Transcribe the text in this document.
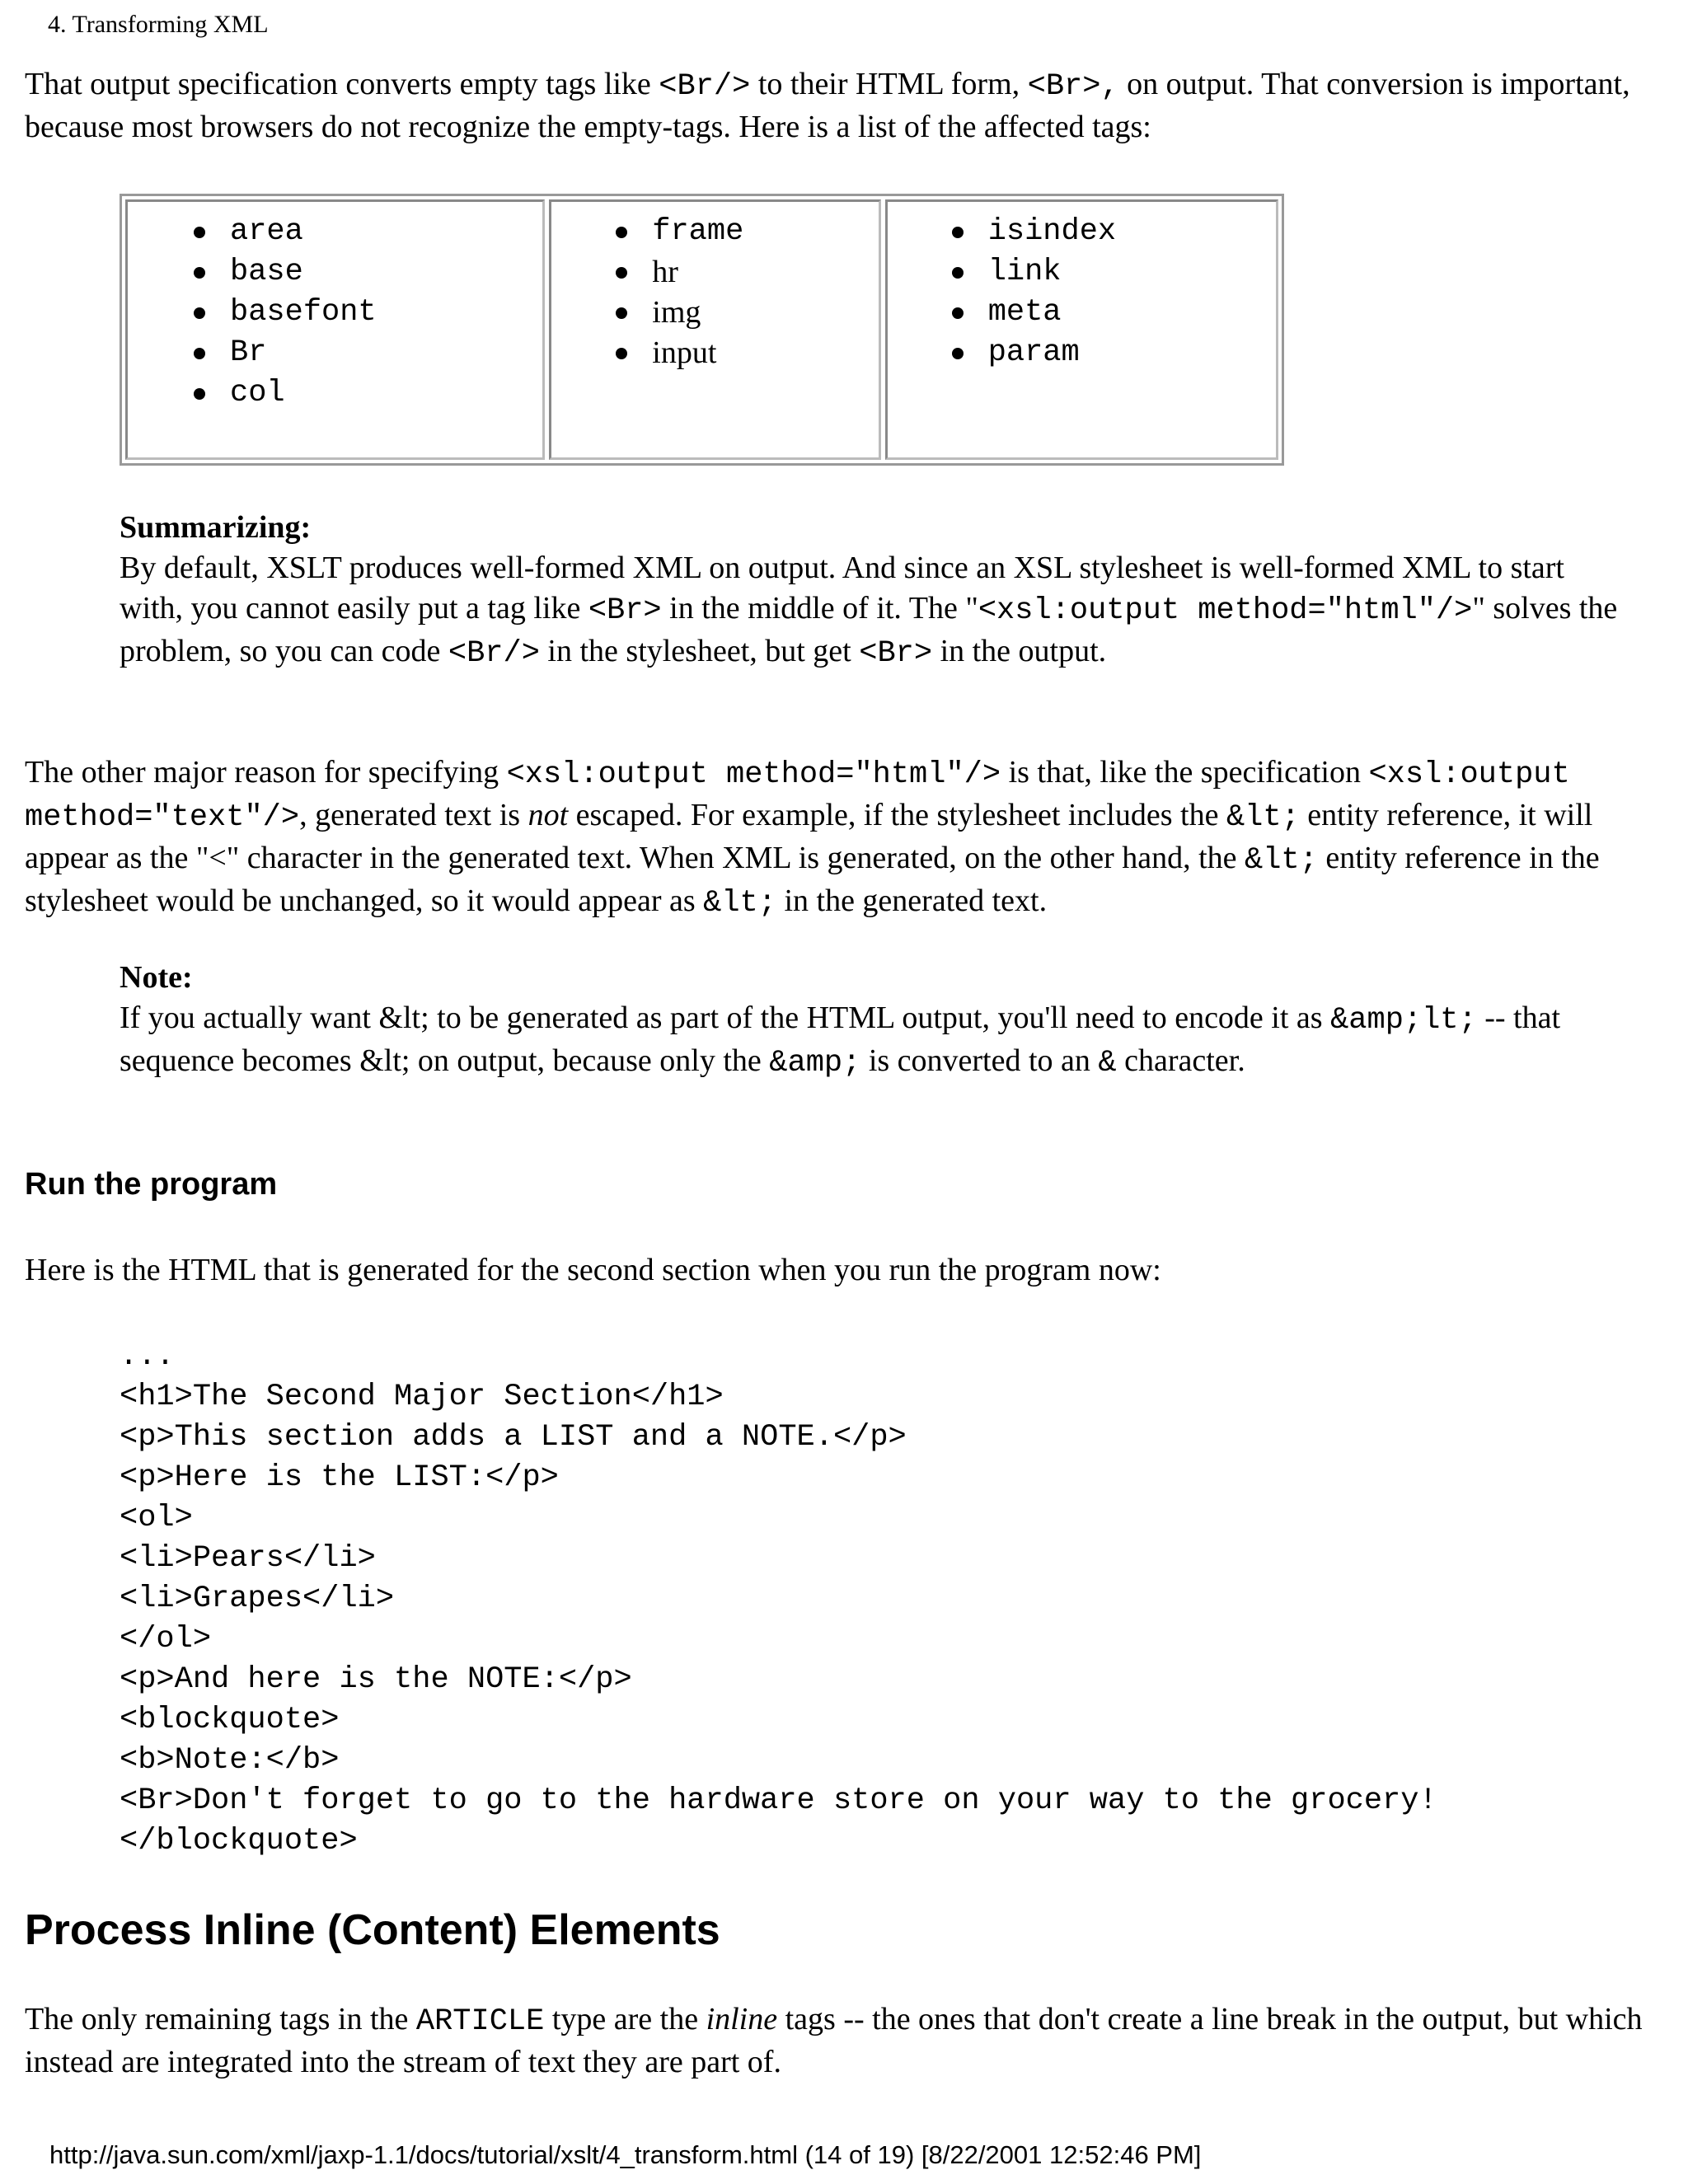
4. Transforming XML

That output specification converts empty tags like <Br/> to their HTML form, <Br>, on output. That conversion is important, because most browsers do not recognize the empty-tags. Here is a list of the affected tags:

area
base
basefont
Br
col
frame
hr
img
input
isindex
link
meta
param

Summarizing:

By default, XSLT produces well-formed XML on output. And since an XSL stylesheet is well-formed XML to start with, you cannot easily put a tag like <Br> in the middle of it. The "<xsl:output method="html"/>" solves the problem, so you can code <Br/> in the stylesheet, but get <Br> in the output.

The other major reason for specifying <xsl:output method="html"/> is that, like the specification <xsl:output method="text"/>, generated text is not escaped. For example, if the stylesheet includes the &lt; entity reference, it will appear as the "<" character in the generated text. When XML is generated, on the other hand, the &lt; entity reference in the stylesheet would be unchanged, so it would appear as &lt; in the generated text.

Note:

If you actually want &lt; to be generated as part of the HTML output, you'll need to encode it as &amp;lt; -- that sequence becomes &lt; on output, because only the &amp; is converted to an & character.

Run the program

Here is the HTML that is generated for the second section when you run the program now:

...
<h1>The Second Major Section</h1>
<p>This section adds a LIST and a NOTE.</p>
<p>Here is the LIST:</p>
<ol>
<li>Pears</li>
<li>Grapes</li>
</ol>
<p>And here is the NOTE:</p>
<blockquote>
<b>Note:</b>
<Br>Don't forget to go to the hardware store on your way to the grocery!
</blockquote>
Process Inline (Content) Elements

The only remaining tags in the ARTICLE type are the inline tags -- the ones that don't create a line break in the output, but which instead are integrated into the stream of text they are part of.

http://java.sun.com/xml/jaxp-1.1/docs/tutorial/xslt/4_transform.html (14 of 19) [8/22/2001 12:52:46 PM]
